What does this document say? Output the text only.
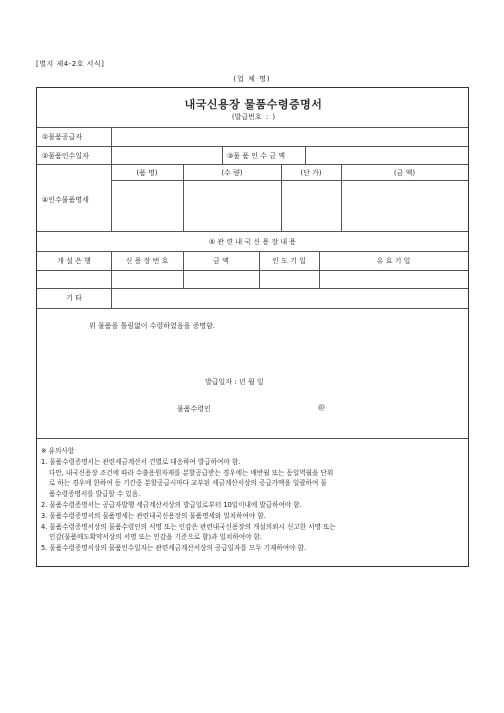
[별지 제4-2호 서식]
(업 체 명)
내국신용장 물품수령증명서
(발급번호 : )
①물품공급자
②물품인수일자	③물 품 인 수 금 액
④인수물품명세
(품 명)	(수 량)	(단 가)	(금 액)
⑤ 관 련 내 국 신 용 장 내 용
개 설 은 행	신 용 장 번 호	금 액	인 도 기 일	유 효 기 일
기 타
위 물품을 틀림없이 수령하였음을 증명함.
발급일자 : 년 월 일
물품수령인	㊞
※ 유의사항
1. 물품수령증명서는 관련세금계산서 건별로 대응하여 발급하여야 함.
다만, 내국신용장 조건에 따라 수출용원자재를 분할공급받는 경우에는 매반월 또는 동일역월을 단위
로 하는 경우에 한하여 동 기간중 분할공급시마다 교부된 세금계산서상의 공급가액을 일괄하여 물
품수령증명서를 발급할 수 있음.
2. 물품수령증명서는 공급자발행 세금계산서상의 발급일로부터 10일이내에 발급하여야 함.
3. 물품수령증명서의 물품명세는 관련내국신용장의 물품명세와 일치하여야 함.
4. 물품수령증명서상의 물품수령인의 서명 또는 인감은 관련내국신용장의 개설의뢰시 신고한 서명 또는
인감(물품매도확약서상의 서명 또는 인감을 기준으로 함)과 일치하여야 함.
5. 물품수령증명서상의 물품인수일자는 관련세금계산서상의 공급일자를 모두 기재하여야 함.
